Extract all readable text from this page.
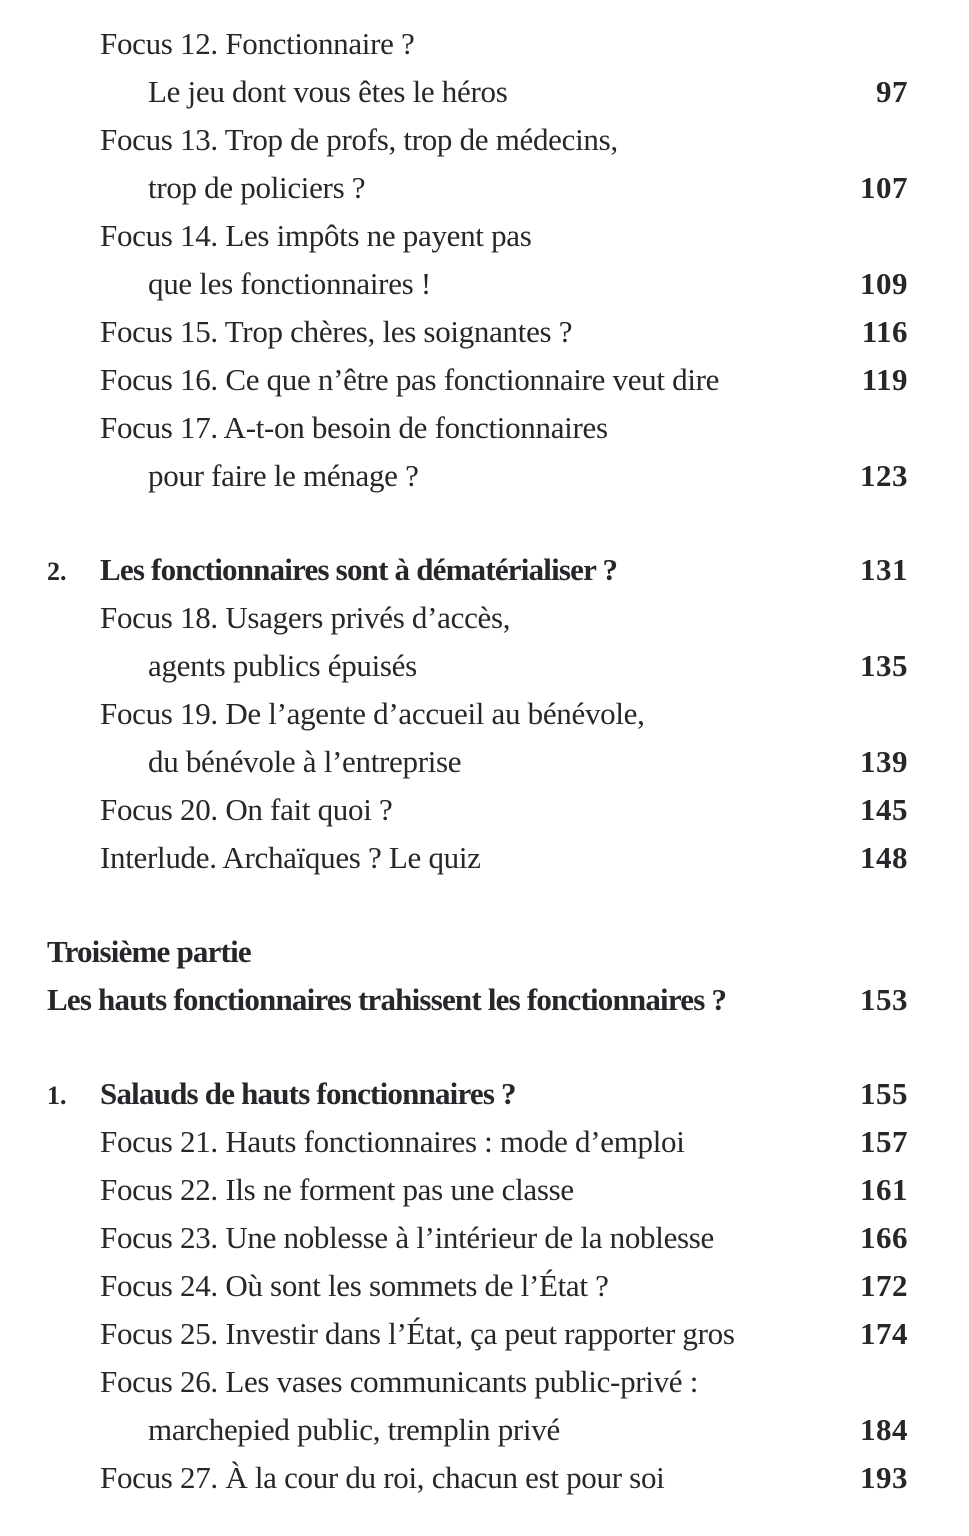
Focus 12. Fonctionnaire ?
Le jeu dont vous êtes le héros	97
Focus 13. Trop de profs, trop de médecins,
trop de policiers ?	107
Focus 14. Les impôts ne payent pas
que les fonctionnaires !	109
Focus 15. Trop chères, les soignantes ?	116
Focus 16. Ce que n’être pas fonctionnaire veut dire	119
Focus 17. A-t-on besoin de fonctionnaires
pour faire le ménage ?	123
2.	Les fonctionnaires sont à dématérialiser ?	131
Focus 18. Usagers privés d’accès,
agents publics épuisés	135
Focus 19. De l’agente d’accueil au bénévole,
du bénévole à l’entreprise	139
Focus 20. On fait quoi ?	145
Interlude. Archaïques ? Le quiz	148
Troisième partie
Les hauts fonctionnaires trahissent les fonctionnaires ?	153
1.	Salauds de hauts fonctionnaires ?	155
Focus 21. Hauts fonctionnaires : mode d’emploi	157
Focus 22. Ils ne forment pas une classe	161
Focus 23. Une noblesse à l’intérieur de la noblesse	166
Focus 24. Où sont les sommets de l’État ?	172
Focus 25. Investir dans l’État, ça peut rapporter gros	174
Focus 26. Les vases communicants public-privé :
marchepied public, tremplin privé	184
Focus 27. À la cour du roi, chacun est pour soi	193
